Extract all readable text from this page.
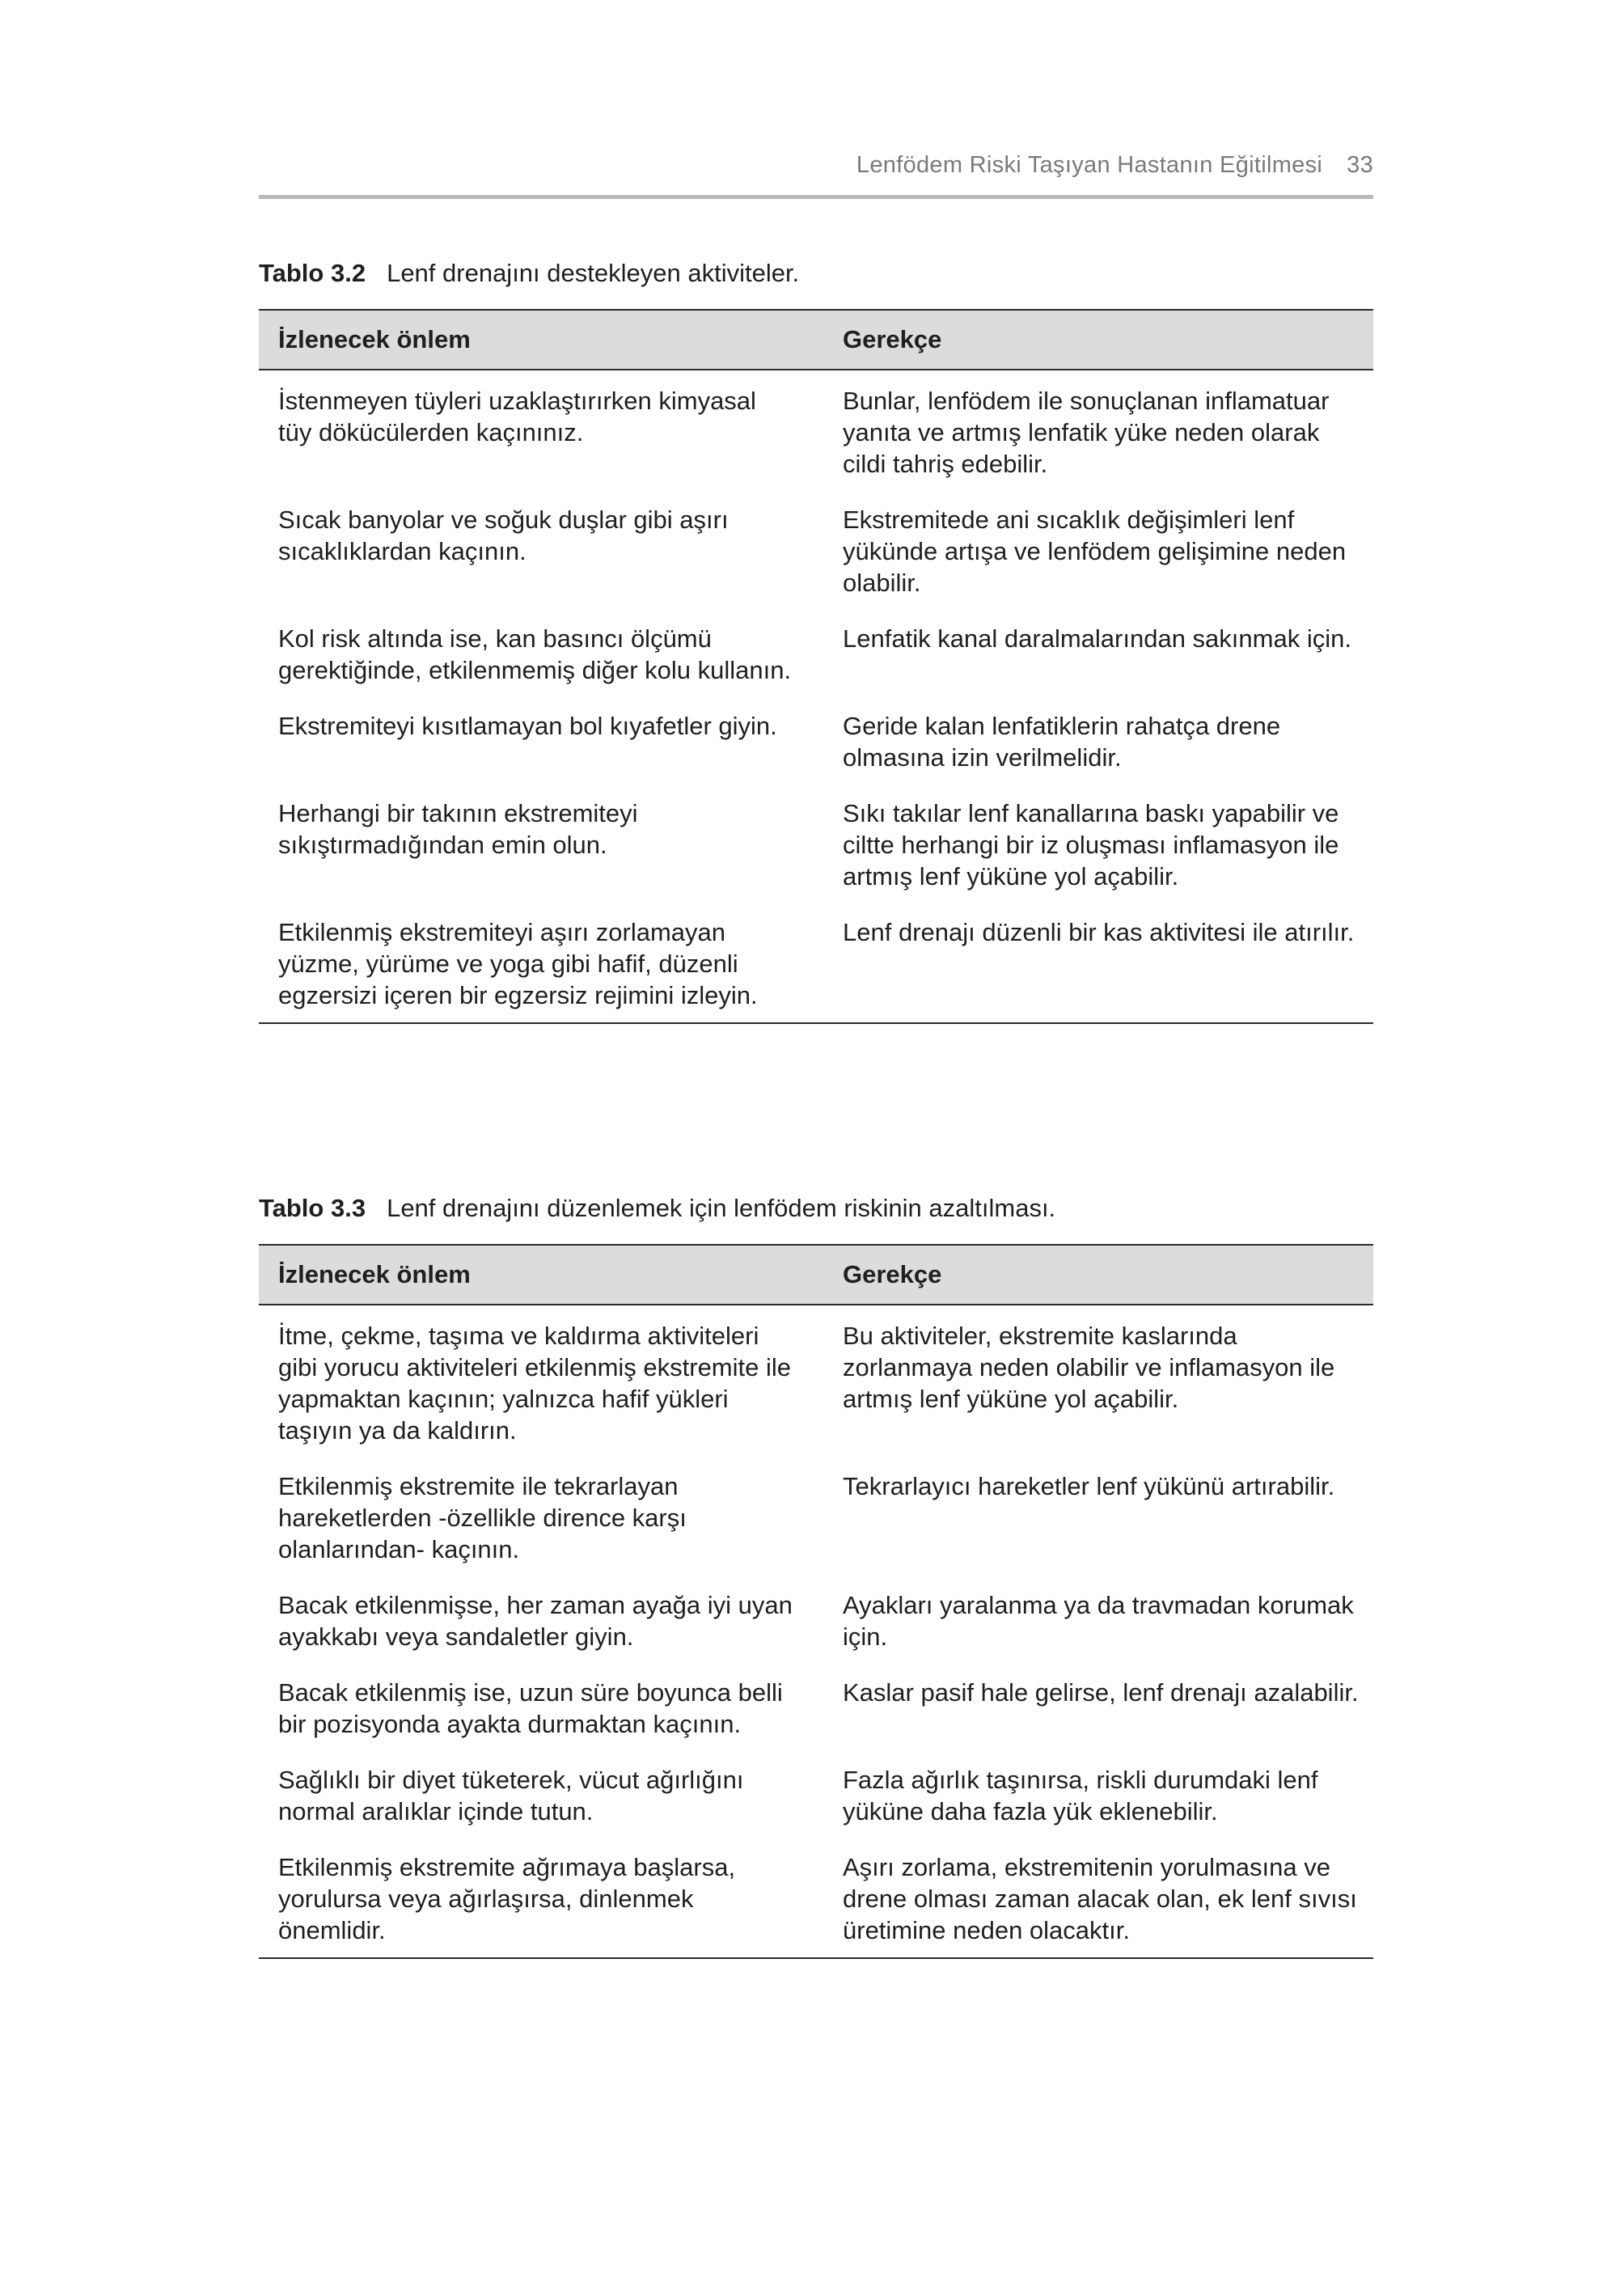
Lenfödem Riski Taşıyan Hastanın Eğitilmesi 33

Tablo 3.2 Lenf drenajını destekleyen aktiviteler.

İzlenecek önlem	Gerekçe
İstenmeyen tüyleri uzaklaştırırken kimyasal tüy dökücülerden kaçınınız.	Bunlar, lenfödem ile sonuçlanan inflamatuar yanıta ve artmış lenfatik yüke neden olarak cildi tahriş edebilir.
Sıcak banyolar ve soğuk duşlar gibi aşırı sıcaklıklardan kaçının.	Ekstremitede ani sıcaklık değişimleri lenf yükünde artışa ve lenfödem gelişimine neden olabilir.
Kol risk altında ise, kan basıncı ölçümü gerektiğinde, etkilenmemiş diğer kolu kullanın.	Lenfatik kanal daralmalarından sakınmak için.
Ekstremiteyi kısıtlamayan bol kıyafetler giyin.	Geride kalan lenfatiklerin rahatça drene olmasına izin verilmelidir.
Herhangi bir takının ekstremiteyi sıkıştırmadığından emin olun.	Sıkı takılar lenf kanallarına baskı yapabilir ve ciltte herhangi bir iz oluşması inflamasyon ile artmış lenf yüküne yol açabilir.
Etkilenmiş ekstremiteyi aşırı zorlamayan yüzme, yürüme ve yoga gibi hafif, düzenli egzersizi içeren bir egzersiz rejimini izleyin.	Lenf drenajı düzenli bir kas aktivitesi ile atırılır.

Tablo 3.3 Lenf drenajını düzenlemek için lenfödem riskinin azaltılması.

İzlenecek önlem	Gerekçe
İtme, çekme, taşıma ve kaldırma aktiviteleri gibi yorucu aktiviteleri etkilenmiş ekstremite ile yapmaktan kaçının; yalnızca hafif yükleri taşıyın ya da kaldırın.	Bu aktiviteler, ekstremite kaslarında zorlanmaya neden olabilir ve inflamasyon ile artmış lenf yüküne yol açabilir.
Etkilenmiş ekstremite ile tekrarlayan hareketlerden -özellikle dirence karşı olanlarından- kaçının.	Tekrarlayıcı hareketler lenf yükünü artırabilir.
Bacak etkilenmişse, her zaman ayağa iyi uyan ayakkabı veya sandaletler giyin.	Ayakları yaralanma ya da travmadan korumak için.
Bacak etkilenmiş ise, uzun süre boyunca belli bir pozisyonda ayakta durmaktan kaçının.	Kaslar pasif hale gelirse, lenf drenajı azalabilir.
Sağlıklı bir diyet tüketerek, vücut ağırlığını normal aralıklar içinde tutun.	Fazla ağırlık taşınırsa, riskli durumdaki lenf yüküne daha fazla yük eklenebilir.
Etkilenmiş ekstremite ağrımaya başlarsa, yorulursa veya ağırlaşırsa, dinlenmek önemlidir.	Aşırı zorlama, ekstremitenin yorulmasına ve drene olması zaman alacak olan, ek lenf sıvısı üretimine neden olacaktır.
